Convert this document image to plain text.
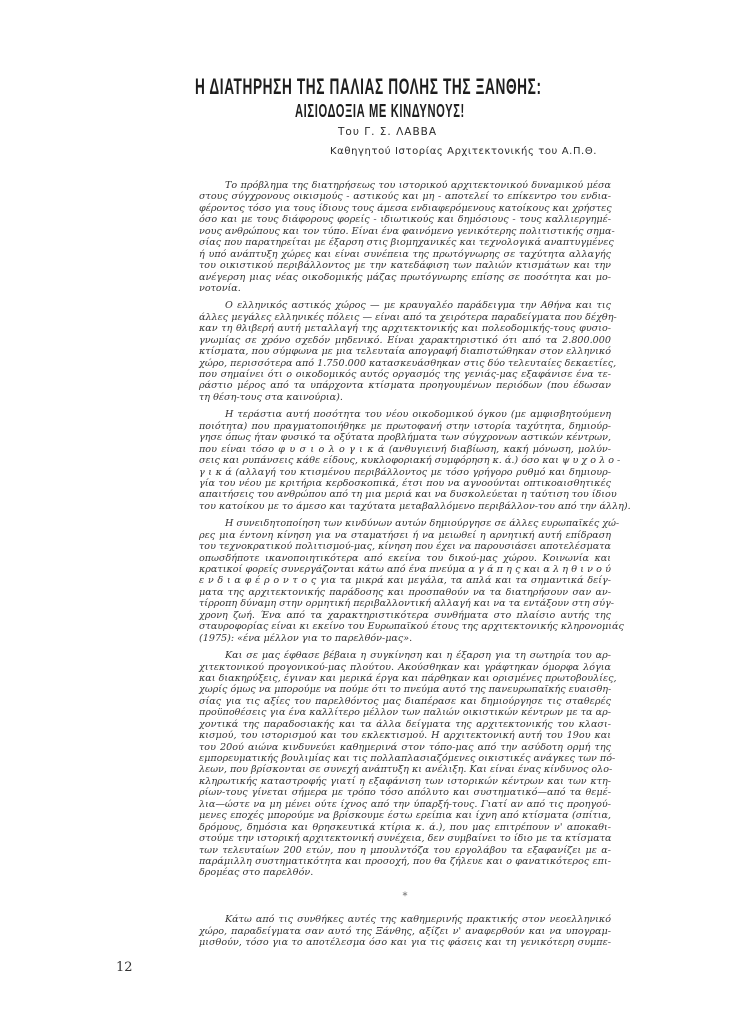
Η ΔΙΑΤΗΡΗΣΗ ΤΗΣ ΠΑΛΙΑΣ ΠΟΛΗΣ ΤΗΣ ΞΑΝΘΗΣ:
ΑΙΣΙΟΔΟΞΙΑ ΜΕ ΚΙΝΔΥΝΟΥΣ!
Του Γ. Σ. ΛΑΒΒΑ
Καθηγητού Ιστορίας Αρχιτεκτονικής του Α.Π.Θ.
Το πρόβλημα της διατηρήσεως του ιστορικού αρχιτεκτονικού δυναμικού μέσα
στους σύγχρονους οικισμούς - αστικούς και μη - αποτελεί το επίκεντρο του ενδια-
φέροντος τόσο για τους ίδιους τους άμεσα ενδιαφερόμενους κατοίκους και χρήστες
όσο και με τους διάφορους φορείς - ιδιωτικούς και δημόσιους - τους καλλιεργημέ-
νους ανθρώπους και τον τύπο. Είναι ένα φαινόμενο γενικότερης πολιτιστικής σημα-
σίας που παρατηρείται με έξαρση στις βιομηχανικές και τεχνολογικά αναπτυγμένες
ή υπό ανάπτυξη χώρες και είναι συνέπεια της πρωτόγνωρης σε ταχύτητα αλλαγής
του οικιστικού περιβάλλοντος με την κατεδάφιση των παλιών κτισμάτων και την
ανέγερση μιας νέας οικοδομικής μάζας πρωτόγνωρης επίσης σε ποσότητα και μο-
νοτονία.
Ο ελληνικός αστικός χώρος — με κραυγαλέο παράδειγμα την Αθήνα και τις
άλλες μεγάλες ελληνικές πόλεις — είναι από τα χειρότερα παραδείγματα που δέχθη-
καν τη θλιβερή αυτή μεταλλαγή της αρχιτεκτονικής και πολεοδομικής-τους φυσιο-
γνωμίας σε χρόνο σχεδόν μηδενικό. Είναι χαρακτηριστικό ότι από τα 2.800.000
κτίσματα, που σύμφωνα με μια τελευταία απογραφή διαπιστώθηκαν στον ελληνικό
χώρο, περισσότερα από 1.750.000 κατασκευάσθηκαν στις δύο τελευταίες δεκαετίες,
που σημαίνει ότι ο οικοδομικός αυτός οργασμός της γενιάς-μας εξαφάνισε ένα τε-
ράστιο μέρος από τα υπάρχοντα κτίσματα προηγουμένων περιόδων (που έδωσαν
τη θέση-τους στα καινούρια).
Η τεράστια αυτή ποσότητα του νέου οικοδομικού όγκου (με αμφισβητούμενη
ποιότητα) που πραγματοποιήθηκε με πρωτοφανή στην ιστορία ταχύτητα, δημιούρ-
γησε όπως ήταν φυσικό τα οξύτατα προβλήματα των σύγχρονων αστικών κέντρων,
που είναι τόσο φ υ σ ι ο λ ο γ ι κ ά (ανθυγιεινή διαβίωση, κακή μόνωση, μολύν-
σεις και ρυπάνσεις κάθε είδους, κυκλοφοριακή συμφόρηση κ. ά.) όσο και ψ υ χ ο λ ο -
γ ι κ ά (αλλαγή του κτισμένου περιβάλλοντος με τόσο γρήγορο ρυθμό και δημιουρ-
γία του νέου με κριτήρια κερδοσκοπικά, έτσι που να αγνοούνται οπτικοαισθητικές
απαιτήσεις του ανθρώπου από τη μια μεριά και να δυσκολεύεται η ταύτιση του ίδιου
του κατοίκου με το άμεσο και ταχύτατα μεταβαλλόμενο περιβάλλον-του από την άλλη).
Η συνειδητοποίηση των κινδύνων αυτών δημιούργησε σε άλλες ευρωπαϊκές χώ-
ρες μια έντονη κίνηση για να σταματήσει ή να μειωθεί η αρνητική αυτή επίδραση
του τεχνοκρατικού πολιτισμού-μας, κίνηση που έχει να παρουσιάσει αποτελέσματα
οπωσδήποτε ικανοποιητικότερα από εκείνα του δικού-μας χώρου. Κοινωνία και
κρατικοί φορείς συνεργάζονται κάτω από ένα πνεύμα α γ ά π η ς και α λ η θ ι ν ο ύ
ε ν δ ι α φ έ ρ ο ν τ ο ς για τα μικρά και μεγάλα, τα απλά και τα σημαντικά δείγ-
ματα της αρχιτεκτονικής παράδοσης και προσπαθούν να τα διατηρήσουν σαν αν-
τίρροπη δύναμη στην ορμητική περιβαλλοντική αλλαγή και να τα εντάξουν στη σύγ-
χρονη ζωή. Ένα από τα χαρακτηριστικότερα συνθήματα στο πλαίσιο αυτής της
σταυροφορίας είναι κι εκείνο του Ευρωπαϊκού έτους της αρχιτεκτονικής κληρονομιάς
(1975): «ένα μέλλον για το παρελθόν-μας».
Και σε μας έφθασε βέβαια η συγκίνηση και η έξαρση για τη σωτηρία του αρ-
χιτεκτονικού προγονικού-μας πλούτου. Ακούσθηκαν και γράφτηκαν όμορφα λόγια
και διακηρύξεις, έγιναν και μερικά έργα και πάρθηκαν και ορισμένες πρωτοβουλίες,
χωρίς όμως να μπορούμε να πούμε ότι το πνεύμα αυτό της πανευρωπαϊκής ευαισθη-
σίας για τις αξίες του παρελθόντος μας διαπέρασε και δημιούργησε τις σταθερές
προϋποθέσεις για ένα καλλίτερο μέλλον των παλιών οικιστικών κέντρων με τα αρ-
χοντικά της παραδοσιακής και τα άλλα δείγματα της αρχιτεκτονικής του κλασι-
κισμού, του ιστορισμού και του εκλεκτισμού. Η αρχιτεκτονική αυτή του 19ου και
του 20ού αιώνα κινδυνεύει καθημερινά στον τόπο-μας από την ασύδοτη ορμή της
εμπορευματικής βουλιμίας και τις πολλαπλασιαζόμενες οικιστικές ανάγκες των πό-
λεων, που βρίσκονται σε συνεχή ανάπτυξη κι ανέλιξη. Και είναι ένας κίνδυνος ολο-
κληρωτικής καταστροφής γιατί η εξαφάνιση των ιστορικών κέντρων και των κτη-
ρίων-τους γίνεται σήμερα με τρόπο τόσο απόλυτο και συστηματικό—από τα θεμέ-
λια—ώστε να μη μένει ούτε ίχνος από την ύπαρξή-τους. Γιατί αν από τις προηγού-
μενες εποχές μπορούμε να βρίσκουμε έστω ερείπια και ίχνη από κτίσματα (σπίτια,
δρόμους, δημόσια και θρησκευτικά κτίρια κ. ά.), που μας επιτρέπουν ν' αποκαθι-
στούμε την ιστορική αρχιτεκτονική συνέχεια, δεν συμβαίνει το ίδιο με τα κτίσματα
των τελευταίων 200 ετών, που η μπουλντόζα του εργολάβου τα εξαφανίζει με α-
παράμιλλη συστηματικότητα και προσοχή, που θα ζήλευε και ο φανατικότερος επι-
δρομέας στο παρελθόν.
*
Κάτω από τις συνθήκες αυτές της καθημερινής πρακτικής στον νεοελληνικό
χώρο, παραδείγματα σαν αυτό της Ξάνθης, αξίζει ν' αναφερθούν και να υπογραμ-
μισθούν, τόσο για το αποτέλεσμα όσο και για τις φάσεις και τη γενικότερη συμπε-
12
